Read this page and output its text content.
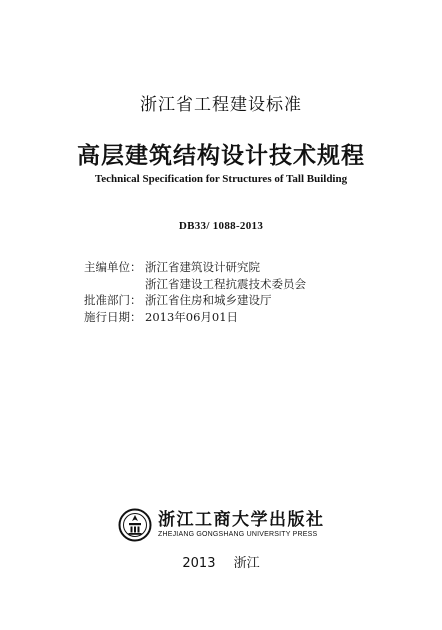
浙江省工程建设标准
高层建筑结构设计技术规程
Technical Specification for Structures of Tall Building
DB33/ 1088-2013
主编单位： 浙江省建筑设计研究院
浙江省建设工程抗震技术委员会
批准部门： 浙江省住房和城乡建设厅
施行日期： 2013年06月01日
浙江工商大学出版社
ZHEJIANG GONGSHANG UNIVERSITY PRESS
2013 浙江
